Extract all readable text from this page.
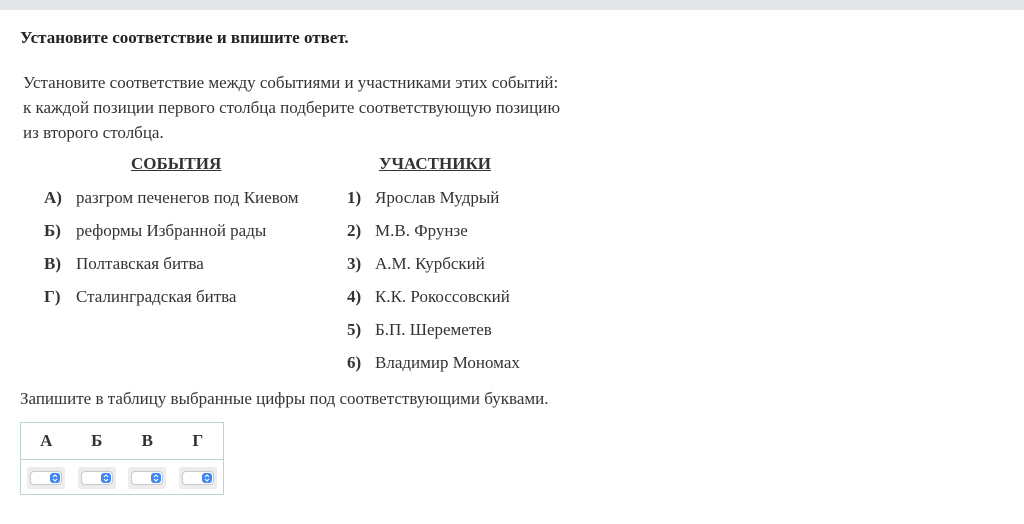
Установите соответствие и впишите ответ.
Установите соответствие между событиями и участниками этих событий:
к каждой позиции первого столбца подберите соответствующую позицию
из второго столбца.
СОБЫТИЯ	УЧАСТНИКИ
А) разгром печенегов под Киевом
Б) реформы Избранной рады
В) Полтавская битва
Г) Сталинградская битва
1) Ярослав Мудрый
2) М.В. Фрунзе
3) А.М. Курбский
4) К.К. Рокоссовский
5) Б.П. Шереметев
6) Владимир Мономах
Запишите в таблицу выбранные цифры под соответствующими буквами.
А	Б	В	Г
